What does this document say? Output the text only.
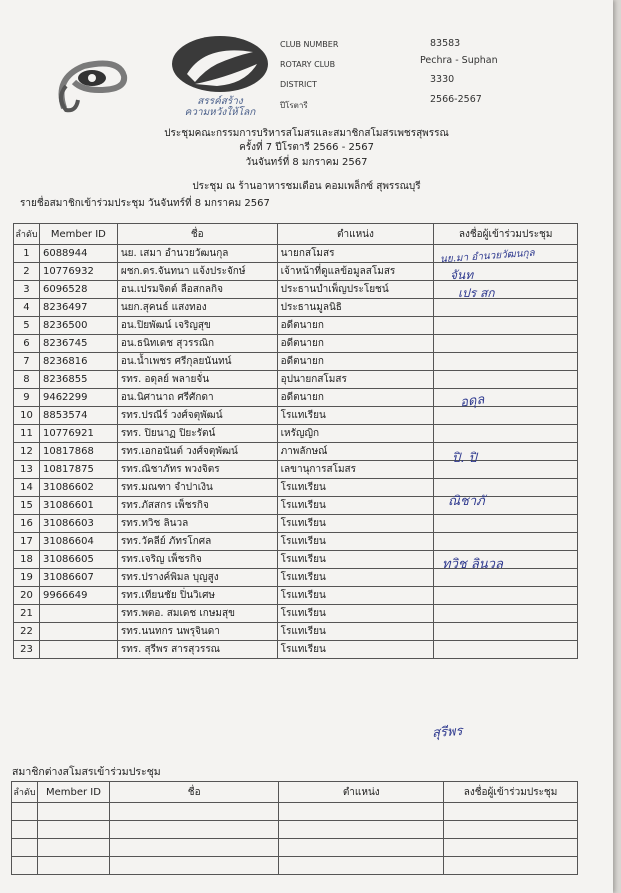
สรรค์สร้าง
ความหวังให้โลก
CLUB NUMBER
ROTARY CLUB
DISTRICT
ปีโรตารี
83583
Pechra - Suphan
3330
2566-2567
ประชุมคณะกรรมการบริหารสโมสรและสมาชิกสโมสรเพชรสุพรรณ
ครั้งที่ 7 ปีโรตารี 2566 - 2567
วันจันทร์ที่ 8 มกราคม 2567
ประชุม ณ ร้านอาหารชมเดือน คอมเพล็กซ์ สุพรรณบุรี
รายชื่อสมาชิกเข้าร่วมประชุม วันจันทร์ที่ 8 มกราคม 2567
ลำดับ	Member ID	ชื่อ	ตำแหน่ง	ลงชื่อผู้เข้าร่วมประชุม
1	6088944	นย. เสมา อำนวยวัฒนกุล	นายกสโมสร	
2	10776932	ผชก.ดร.จันทนา แจ้งประจักษ์	เจ้าหน้าที่ดูแลข้อมูลสโมสร	
3	6096528	อน.เปรมจิตต์ ลือสกลกิจ	ประธานบำเพ็ญประโยชน์	
4	8236497	นยก.สุคนธ์ แสงทอง	ประธานมูลนิธิ	
5	8236500	อน.ปิยพัฒน์ เจริญสุข	อดีตนายก	
6	8236745	อน.ธนิทเดช สุวรรณิก	อดีตนายก	
7	8236816	อน.น้ำเพชร ศรีกุลยนันทน์	อดีตนายก	
8	8236855	รทร. อดุลย์ พลายจั่น	อุปนายกสโมสร	
9	9462299	อน.นิศานาถ ศรีศักดา	อดีตนายก	
10	8853574	รทร.ปรณีร์ วงศ์จตุพัฒน์	โรแทเรียน	
11	10776921	รทร. ปิยนาฏ ปิยะรัตน์	เหรัญญิก	
12	10817868	รทร.เอกอนันต์ วงศ์จตุพัฒน์	ภาพลักษณ์	
13	10817875	รทร.ณิชาภัทร พวงจิตร	เลขานุการสโมสร	
14	31086602	รทร.มณฑา จำปาเงิน	โรแทเรียน	
15	31086601	รทร.ภัสสกร เพ็ชรกิจ	โรแทเรียน	
16	31086603	รทร.ทวิช ลินวล	โรแทเรียน	
17	31086604	รทร.วัคลีย์ ภัทรโกศล	โรแทเรียน	
18	31086605	รทร.เจริญ เพ็ชรกิจ	โรแทเรียน	
19	31086607	รทร.ปรางค์พิมล บุญสูง	โรแทเรียน	
20	9966649	รทร.เทียนชัย ปิ่นวิเศษ	โรแทเรียน	
21		รทร.พตอ. สมเดช เกษมสุข	โรแทเรียน	
22		รทร.นนทกร นพรุจินดา	โรแทเรียน	
23		รทร. สุรีพร สารสุวรรณ	โรแทเรียน	
นย.มา อำนวยวัฒนกุล
จันท
เปร สก
อดุล
ปิ. ปิ
ณิชาภั
ทวิช ลินวล
สุรีพร
สมาชิกต่างสโมสรเข้าร่วมประชุม
ลำดับ	Member ID	ชื่อ	ตำแหน่ง	ลงชื่อผู้เข้าร่วมประชุม
